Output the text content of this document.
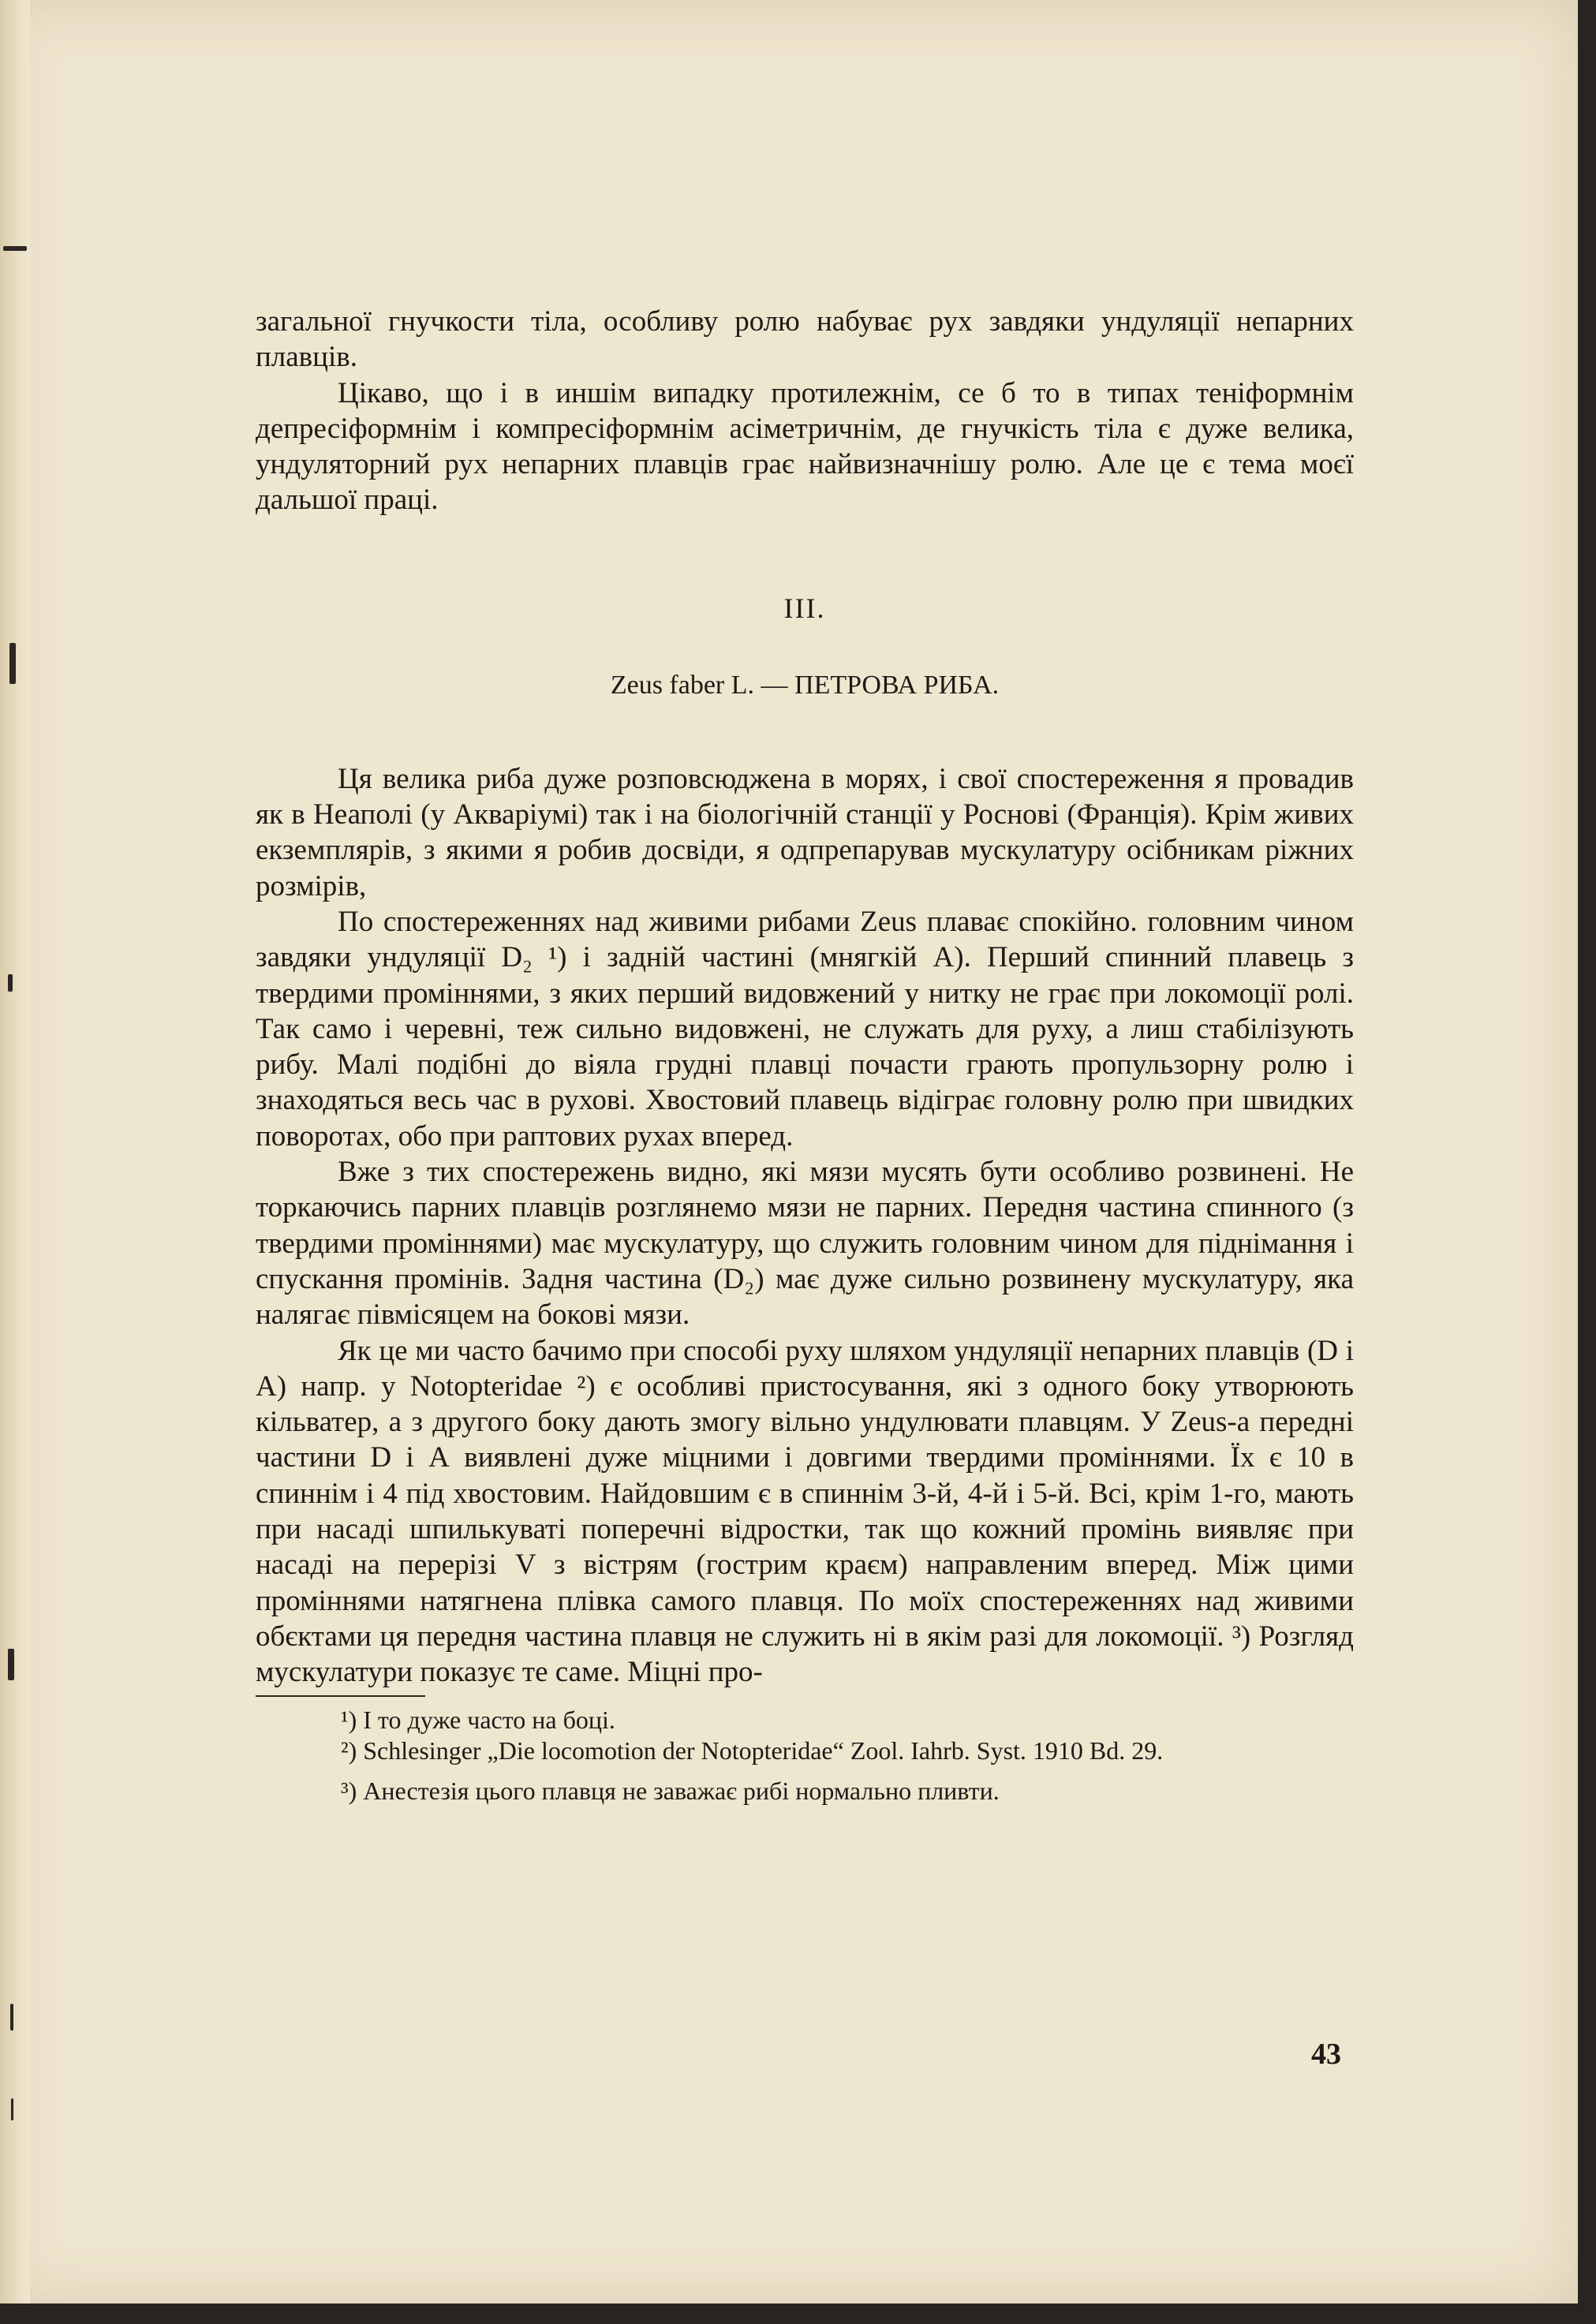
загальної гнучкости тіла, особливу ролю набуває рух завдяки ундуляції непарних плавців.

Цікаво, що і в иншім випадку протилежнім, се б то в типах теніформнім депресіформнім і компресіформнім асіметричнім, де гнучкість тіла є дуже велика, ундуляторний рух непарних плавців грає найвизначнішу ролю. Але це є тема моєї дальшої праці.

III.
Zeus faber L. — ПЕТРОВА РИБА.

Ця велика риба дуже розповсюджена в морях, і свої спостереження я провадив як в Неаполі (у Акваріумі) так і на біологічній станції у Роснові (Франція). Крім живих екземплярів, з якими я робив досвіди, я одпрепарував мускулатуру осібникам ріжних розмірів,

По спостереженнях над живими рибами Zeus плаває спокійно. головним чином завдяки ундуляції D₂ ¹) і задній частині (мнягкій А). Перший спинний плавець з твердими проміннями, з яких перший видовжений у нитку не грає при локомоції ролі. Так само і черевні, теж сильно видовжені, не служать для руху, а лиш стабілізують рибу. Малі подібні до віяла грудні плавці почасти грають пропульзорну ролю і знаходяться весь час в рухові. Хвостовий плавець відіграє головну ролю при швидких поворотах, обо при раптових рухах вперед.

Вже з тих спостережень видно, які мязи мусять бути особливо розвинені. Не торкаючись парних плавців розглянемо мязи не парних. Передня частина спинного (з твердими проміннями) має мускулатуру, що служить головним чином для піднімання і спускання промінів. Задня частина (D₂) має дуже сильно розвинену мускулатуру, яка налягає півмісяцем на бокові мязи.

Як це ми часто бачимо при способі руху шляхом ундуляції непарних плавців (D і А) напр. у Notopteridae ²) є особливі пристосування, які з одного боку утворюють кільватер, а з другого боку дають змогу вільно ундулювати плавцям. У Zeus-а передні частини D і А виявлені дуже міцними і довгими твердими проміннями. Їх є 10 в спиннім і 4 під хвостовим. Найдовшим є в спиннім 3-й, 4-й і 5-й. Всі, крім 1-го, мають при насаді шпилькуваті поперечні відростки, так що кожний промінь виявляє при насаді на перерізі V з вістрям (гострим краєм) направленим вперед. Між цими проміннями натягнена плівка самого плавця. По моїх спостереженнях над живими обєктами ця передня частина плавця не служить ні в якім разі для локомоції. ³) Розгляд мускулатури показує те саме. Міцні про-

¹) І то дуже часто на боці.

²) Schlesinger „Die locomotion der Notopteridae“ Zool. Iahrb. Syst. 1910 Bd. 29.

³) Анестезія цього плавця не заважає рибі нормально пливти.

43
